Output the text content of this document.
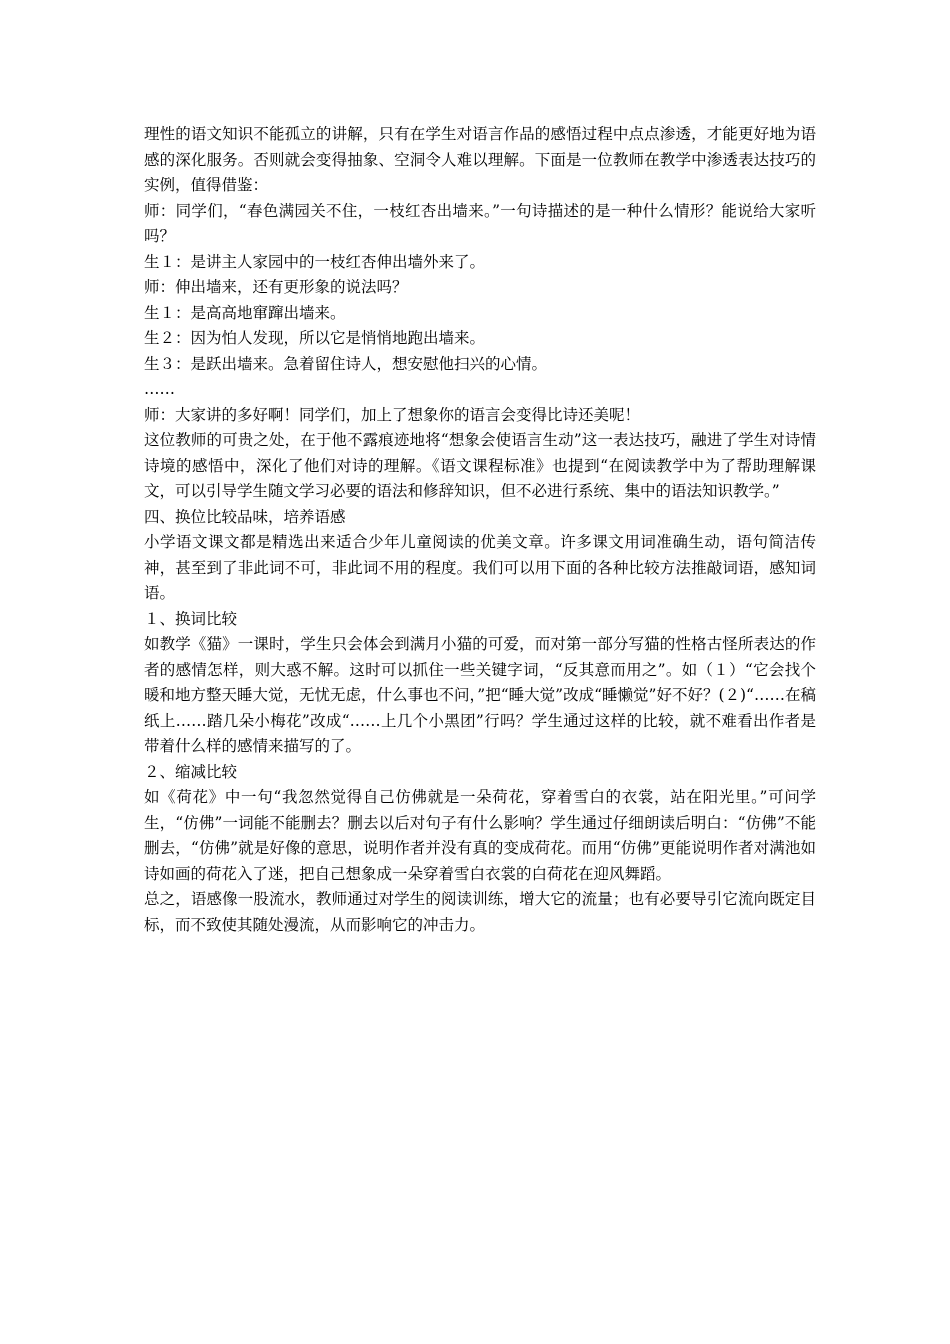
理性的语文知识不能孤立的讲解，只有在学生对语言作品的感悟过程中点点渗透，才能更好地为语感的深化服务。否则就会变得抽象、空洞令人难以理解。下面是一位教师在教学中渗透表达技巧的实例，值得借鉴：

师：同学们，“春色满园关不住，一枝红杏出墙来。”一句诗描述的是一种什么情形？能说给大家听吗？

生１：是讲主人家园中的一枝红杏伸出墙外来了。

师：伸出墙来，还有更形象的说法吗？

生１：是高高地窜蹿出墙来。

生２：因为怕人发现，所以它是悄悄地跑出墙来。

生３：是跃出墙来。急着留住诗人，想安慰他扫兴的心情。

……

师：大家讲的多好啊！同学们，加上了想象你的语言会变得比诗还美呢！

这位教师的可贵之处，在于他不露痕迹地将“想象会使语言生动”这一表达技巧，融进了学生对诗情诗境的感悟中，深化了他们对诗的理解。《语文课程标准》也提到“在阅读教学中为了帮助理解课文，可以引导学生随文学习必要的语法和修辞知识，但不必进行系统、集中的语法知识教学。”

四、换位比较品味，培养语感

小学语文课文都是精选出来适合少年儿童阅读的优美文章。许多课文用词准确生动，语句简洁传神，甚至到了非此词不可，非此词不用的程度。我们可以用下面的各种比较方法推敲词语，感知词语。

１、换词比较

如教学《猫》一课时，学生只会体会到满月小猫的可爱，而对第一部分写猫的性格古怪所表达的作者的感情怎样，则大惑不解。这时可以抓住一些关键字词，“反其意而用之”。如（１）“它会找个暖和地方整天睡大觉，无忧无虑，什么事也不问，”把“睡大觉”改成“睡懒觉”好不好？(２)“……在稿纸上……踏几朵小梅花”改成“……上几个小黑团”行吗？学生通过这样的比较，就不难看出作者是带着什么样的感情来描写的了。

２、缩减比较

如《荷花》中一句“我忽然觉得自己仿佛就是一朵荷花，穿着雪白的衣裳，站在阳光里。”可问学生，“仿佛”一词能不能删去？删去以后对句子有什么影响？学生通过仔细朗读后明白：“仿佛”不能删去，“仿佛”就是好像的意思，说明作者并没有真的变成荷花。而用“仿佛”更能说明作者对满池如诗如画的荷花入了迷，把自己想象成一朵穿着雪白衣裳的白荷花在迎风舞蹈。

总之，语感像一股流水，教师通过对学生的阅读训练，增大它的流量；也有必要导引它流向既定目标，而不致使其随处漫流，从而影响它的冲击力。
